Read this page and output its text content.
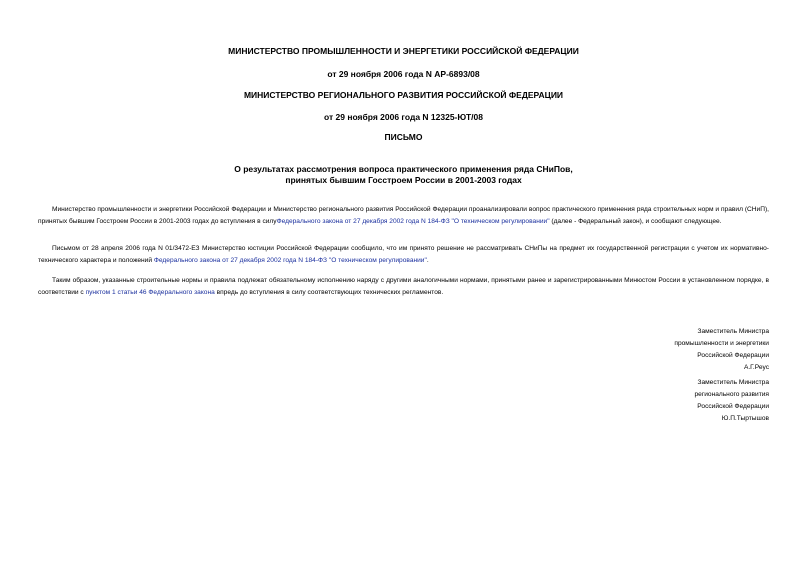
МИНИСТЕРСТВО ПРОМЫШЛЕННОСТИ И ЭНЕРГЕТИКИ РОССИЙСКОЙ ФЕДЕРАЦИИ
от 29 ноября 2006 года N АР-6893/08
МИНИСТЕРСТВО РЕГИОНАЛЬНОГО РАЗВИТИЯ РОССИЙСКОЙ ФЕДЕРАЦИИ
от 29 ноября 2006 года N 12325-ЮТ/08
ПИСЬМО
О результатах рассмотрения вопроса практического применения ряда СНиПов,
принятых бывшим Госстроем России в 2001-2003 годах
Министерство промышленности и энергетики Российской Федерации и Министерство регионального развития Российской Федерации проанализировали вопрос практического применения ряда строительных норм и правил (СНиП), принятых бывшим Госстроем России в 2001-2003 годах до вступления в силуФедерального закона от 27 декабря 2002 года N 184-ФЗ "О техническом регулировании" (далее - Федеральный закон), и сообщают следующее.
Письмом от 28 апреля 2006 года N 01/3472-ЕЗ Министерство юстиции Российской Федерации сообщило, что им принято решение не рассматривать СНиПы на предмет их государственной регистрации с учетом их нормативно-технического характера и положений Федерального закона от 27 декабря 2002 года N 184-ФЗ "О техническом регулировании".
Таким образом, указанные строительные нормы и правила подлежат обязательному исполнению наряду с другими аналогичными нормами, принятыми ранее и зарегистрированными Минюстом России в установленном порядке, в соответствии с пунктом 1 статьи 46 Федерального закона впредь до вступления в силу соответствующих технических регламентов.
Заместитель Министра
промышленности и энергетики
Российской Федерации
А.Г.Реус
Заместитель Министра
регионального развития
Российской Федерации
Ю.П.Тыртышов
